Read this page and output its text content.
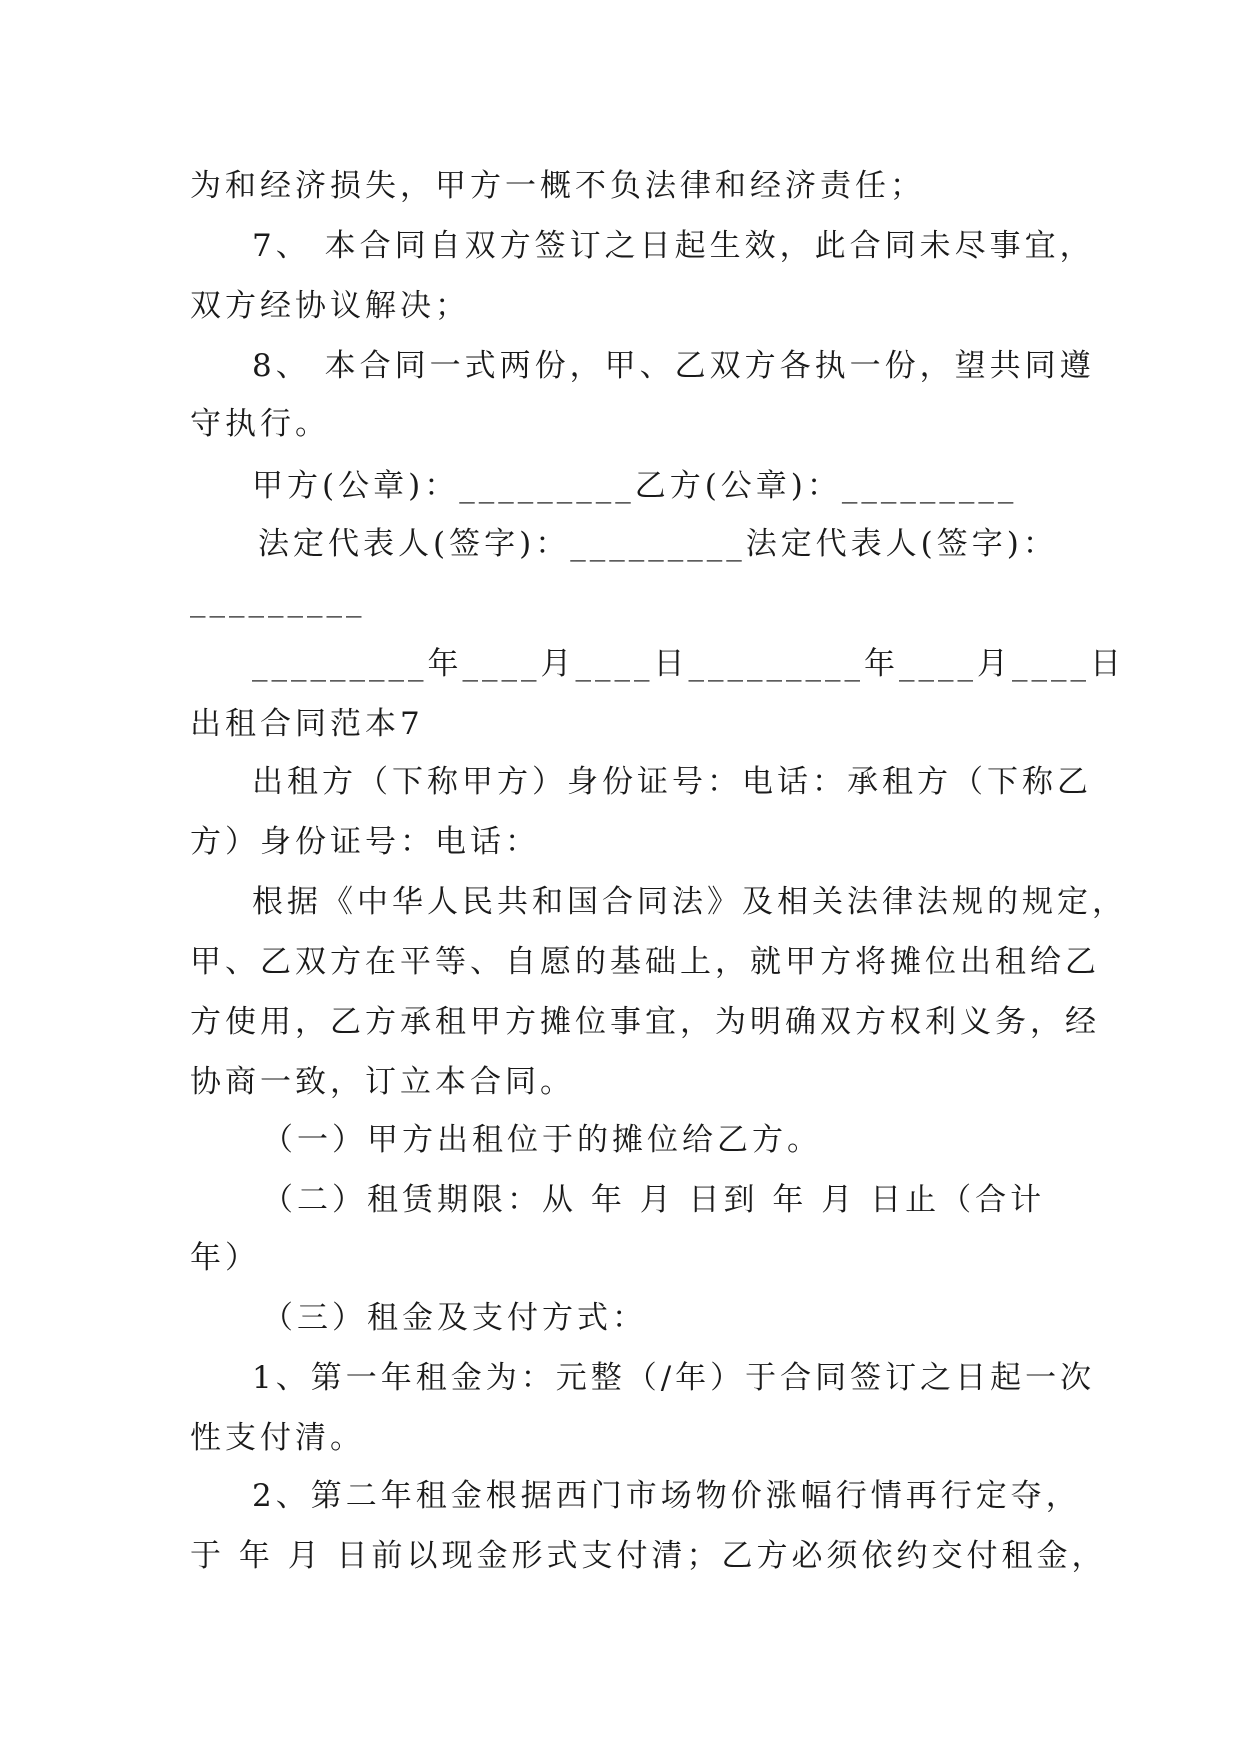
为和经济损失，甲方一概不负法律和经济责任；
7、 本合同自双方签订之日起生效，此合同未尽事宜，
双方经协议解决；
8、 本合同一式两份，甲、乙双方各执一份，望共同遵
守执行。
甲方(公章)：_________乙方(公章)：_________
法定代表人(签字)：_________法定代表人(签字)：
_________
_________年____月____日_________年____月____日
出租合同范本7
出租方（下称甲方）身份证号：电话：承租方（下称乙
方）身份证号：电话：
根据《中华人民共和国合同法》及相关法律法规的规定，
甲、乙双方在平等、自愿的基础上，就甲方将摊位出租给乙
方使用，乙方承租甲方摊位事宜，为明确双方权利义务，经
协商一致，订立本合同。
（一）甲方出租位于的摊位给乙方。
（二）租赁期限：从 年 月 日到 年 月 日止（合计
年）
（三）租金及支付方式：
1、第一年租金为：元整（/年）于合同签订之日起一次
性支付清。
2、第二年租金根据西门市场物价涨幅行情再行定夺，
于 年 月 日前以现金形式支付清；乙方必须依约交付租金，
